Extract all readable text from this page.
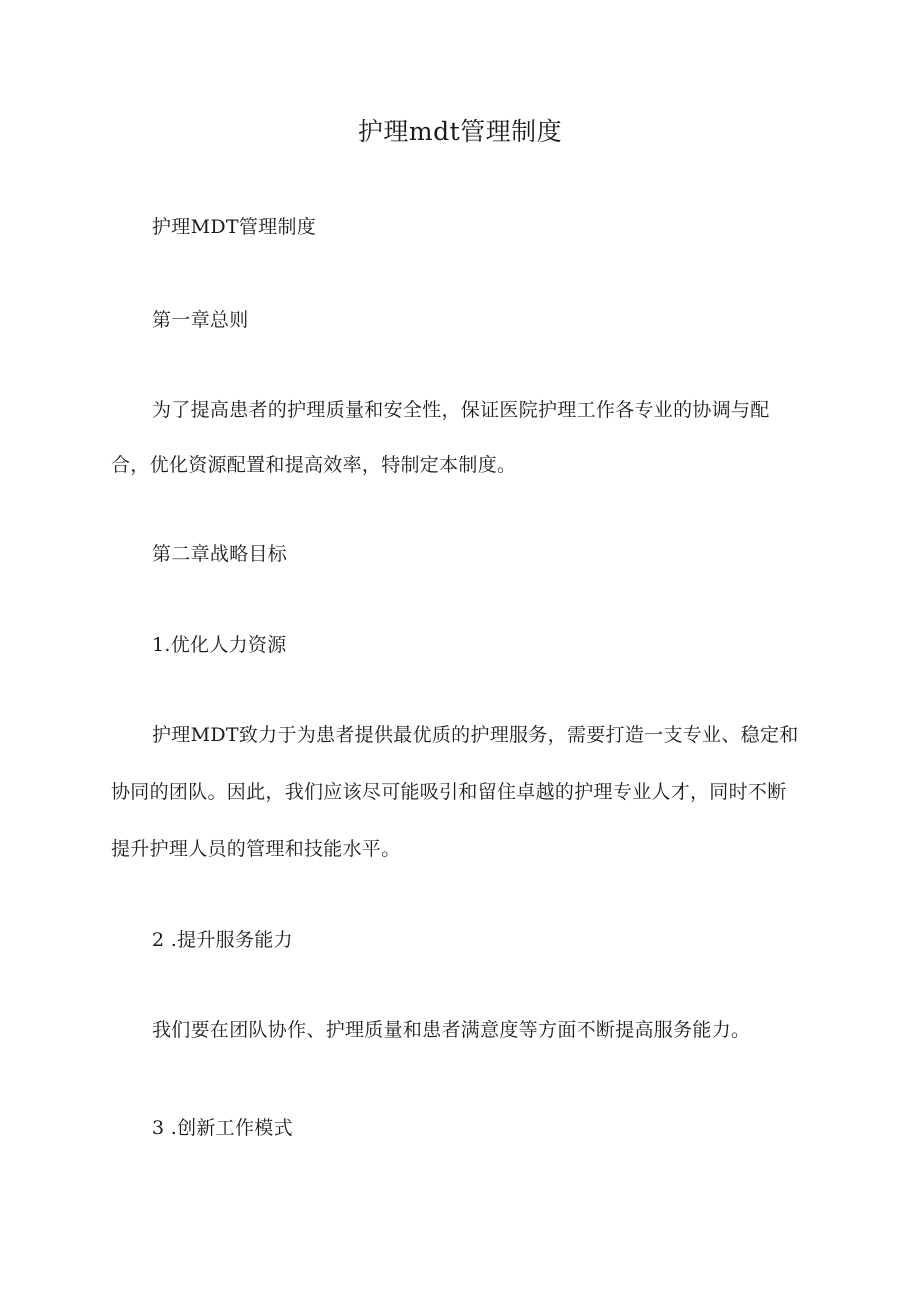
护理mdt管理制度
护理MDT管理制度
第一章总则
为了提高患者的护理质量和安全性，保证医院护理工作各专业的协调与配
合，优化资源配置和提高效率，特制定本制度。
第二章战略目标
1.优化人力资源
护理MDT致力于为患者提供最优质的护理服务，需要打造一支专业、稳定和
协同的团队。因此，我们应该尽可能吸引和留住卓越的护理专业人才，同时不断
提升护理人员的管理和技能水平。
2 .提升服务能力
我们要在团队协作、护理质量和患者满意度等方面不断提高服务能力。
3 .创新工作模式
